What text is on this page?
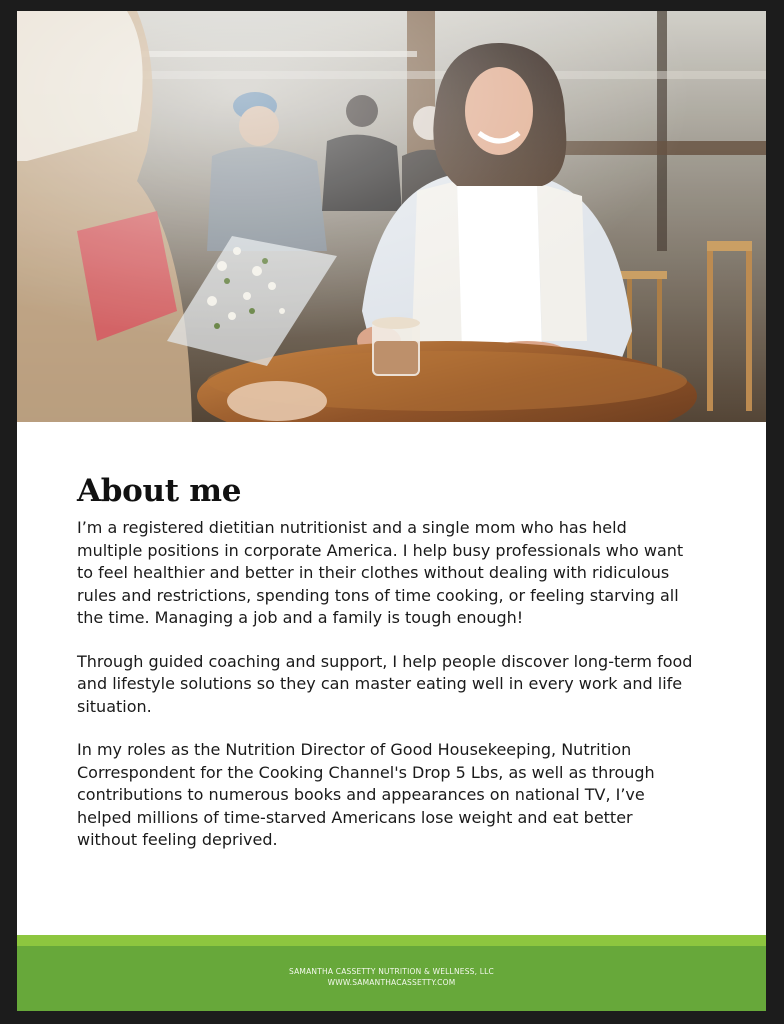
About me

I’m a registered dietitian nutritionist and a single mom who has held multiple positions in corporate America. I help busy professionals who want to feel healthier and better in their clothes without dealing with ridiculous rules and restrictions, spending tons of time cooking, or feeling starving all the time. Managing a job and a family is tough enough!

Through guided coaching and support, I help people discover long-term food and lifestyle solutions so they can master eating well in every work and life situation.

In my roles as the Nutrition Director of Good Housekeeping, Nutrition Correspondent for the Cooking Channel's Drop 5 Lbs, as well as through contributions to numerous books and appearances on national TV, I’ve helped millions of time-starved Americans lose weight and eat better without feeling deprived.

SAMANTHA CASSETTY NUTRITION & WELLNESS, LLC
WWW.SAMANTHACASSETTY.COM
